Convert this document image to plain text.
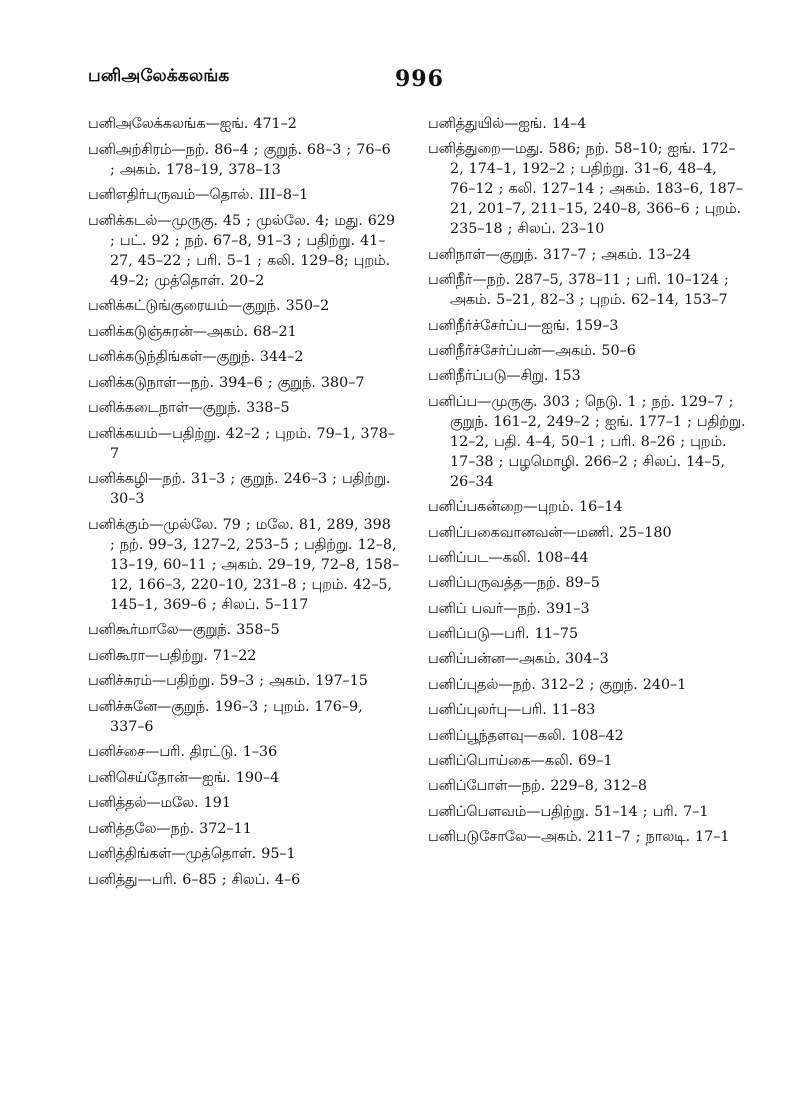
பனிஅலேக்கலங்க	996
பனிஅலேக்கலங்க—ஐங். 471–2
பனிஅற்சிரம்—நற். 86–4 ; குறுந். 68–3 ; 76–6 ; அகம். 178–19, 378–13
பனிஎதிர்பருவம்—தொல். III–8–1
பனிக்கடல்—முருகு. 45 ; முல்லே. 4; மது. 629 ; பட். 92 ; நற். 67–8, 91–3 ; பதிற்று. 41–27, 45–22 ; பரி. 5–1 ; கலி. 129–8; புறம். 49–2; முத்தொள். 20–2
பனிக்கட்டுங்குரையம்—குறுந். 350–2
பனிக்கடுஞ்சுரன்—அகம். 68–21
பனிக்கடுந்திங்கள்—குறுந். 344–2
பனிக்கடுநாள்—நற். 394–6 ; குறுந். 380–7
பனிக்கடைநாள்—குறுந். 338–5
பனிக்கயம்—பதிற்று. 42–2 ; புறம். 79–1, 378–7
பனிக்கழி—நற். 31–3 ; குறுந். 246–3 ; பதிற்று. 30–3
பனிக்கும்—முல்லே. 79 ; மலே. 81, 289, 398 ; நற். 99–3, 127–2, 253–5 ; பதிற்று. 12–8, 13–19, 60–11 ; அகம். 29–19, 72–8, 158–12, 166–3, 220–10, 231–8 ; புறம். 42–5, 145–1, 369–6 ; சிலப். 5–117
பனிகூர்மாலே—குறுந். 358–5
பனிகூரா—பதிற்று. 71–22
பனிச்சுரம்—பதிற்று. 59–3 ; அகம். 197–15
பனிச்சுனே—குறுந். 196–3 ; புறம். 176–9, 337–6
பனிச்சை—பரி. திரட்டு. 1–36
பனிசெய்தோன்—ஐங். 190–4
பனித்தல்—மலே. 191
பனித்தலே—நற். 372–11
பனித்திங்கள்—முத்தொள். 95–1
பனித்து—பரி. 6–85 ; சிலப். 4–6
பனித்துயில்—ஐங். 14–4
பனித்துறை—மது. 586; நற். 58–10; ஐங். 172–2, 174–1, 192–2 ; பதிற்று. 31–6, 48–4, 76–12 ; கலி. 127–14 ; அகம். 183–6, 187–21, 201–7, 211–15, 240–8, 366–6 ; புறம். 235–18 ; சிலப். 23–10
பனிநாள்—குறுந். 317–7 ; அகம். 13–24
பனிநீர்—நற். 287–5, 378–11 ; பரி. 10–124 ; அகம். 5–21, 82–3 ; புறம். 62–14, 153–7
பனிநீர்ச்சேர்ப்ப—ஐங். 159–3
பனிநீர்ச்சேர்ப்பன்—அகம். 50–6
பனிநீர்ப்படு—சிறு. 153
பனிப்ப—முருகு. 303 ; நெடு. 1 ; நற். 129–7 ; குறுந். 161–2, 249–2 ; ஐங். 177–1 ; பதிற்று. 12–2, பதி. 4–4, 50–1 ; பரி. 8–26 ; புறம். 17–38 ; பழமொழி. 266–2 ; சிலப். 14–5, 26–34
பனிப்பகன்றை—புறம். 16–14
பனிப்பகைவானவன்—மணி. 25–180
பனிப்பட—கலி. 108–44
பனிப்பருவத்த—நற். 89–5
பனிப் பவர்—நற். 391–3
பனிப்படு—பரி. 11–75
பனிப்பன்ன—அகம். 304–3
பனிப்புதல்—நற். 312–2 ; குறுந். 240–1
பனிப்புலர்பு—பரி. 11–83
பனிப்பூந்தளவு—கலி. 108–42
பனிப்பொய்கை—கலி. 69–1
பனிப்போள்—நற். 229–8, 312–8
பனிப்பௌவம்—பதிற்று. 51–14 ; பரி. 7–1
பனிபடுசோலே—அகம். 211–7 ; நாலடி. 17–1
